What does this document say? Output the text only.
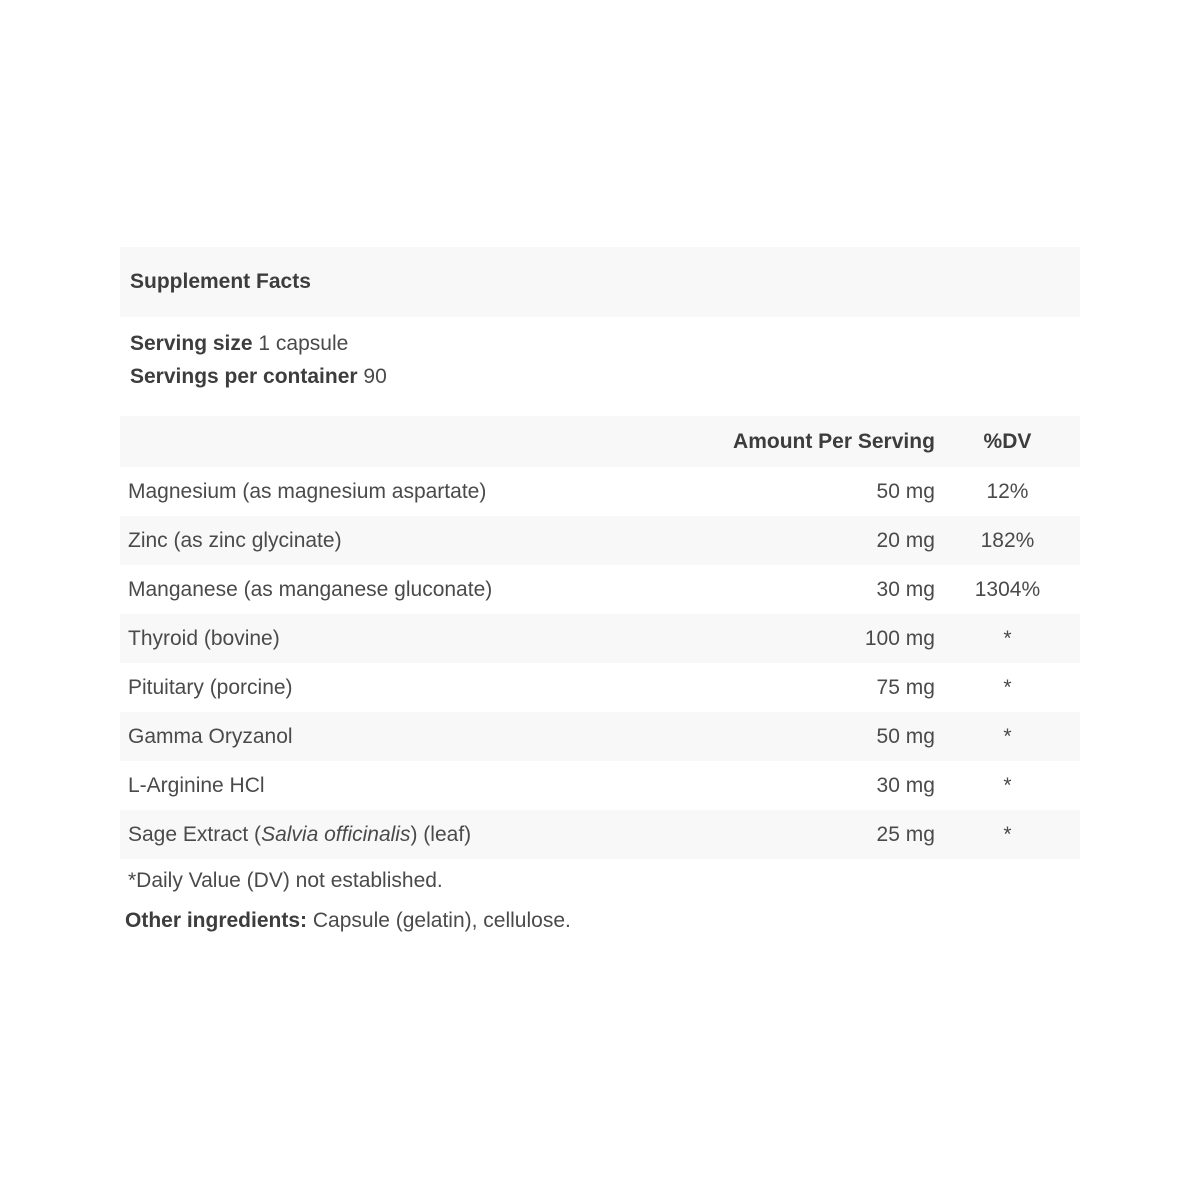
Supplement Facts
Serving size 1 capsule
Servings per container 90
	Amount Per Serving	%DV
Magnesium (as magnesium aspartate)	50 mg	12%
Zinc (as zinc glycinate)	20 mg	182%
Manganese (as manganese gluconate)	30 mg	1304%
Thyroid (bovine)	100 mg	*
Pituitary (porcine)	75 mg	*
Gamma Oryzanol	50 mg	*
L-Arginine HCl	30 mg	*
Sage Extract (Salvia officinalis) (leaf)	25 mg	*
*Daily Value (DV) not established.
Other ingredients: Capsule (gelatin), cellulose.
